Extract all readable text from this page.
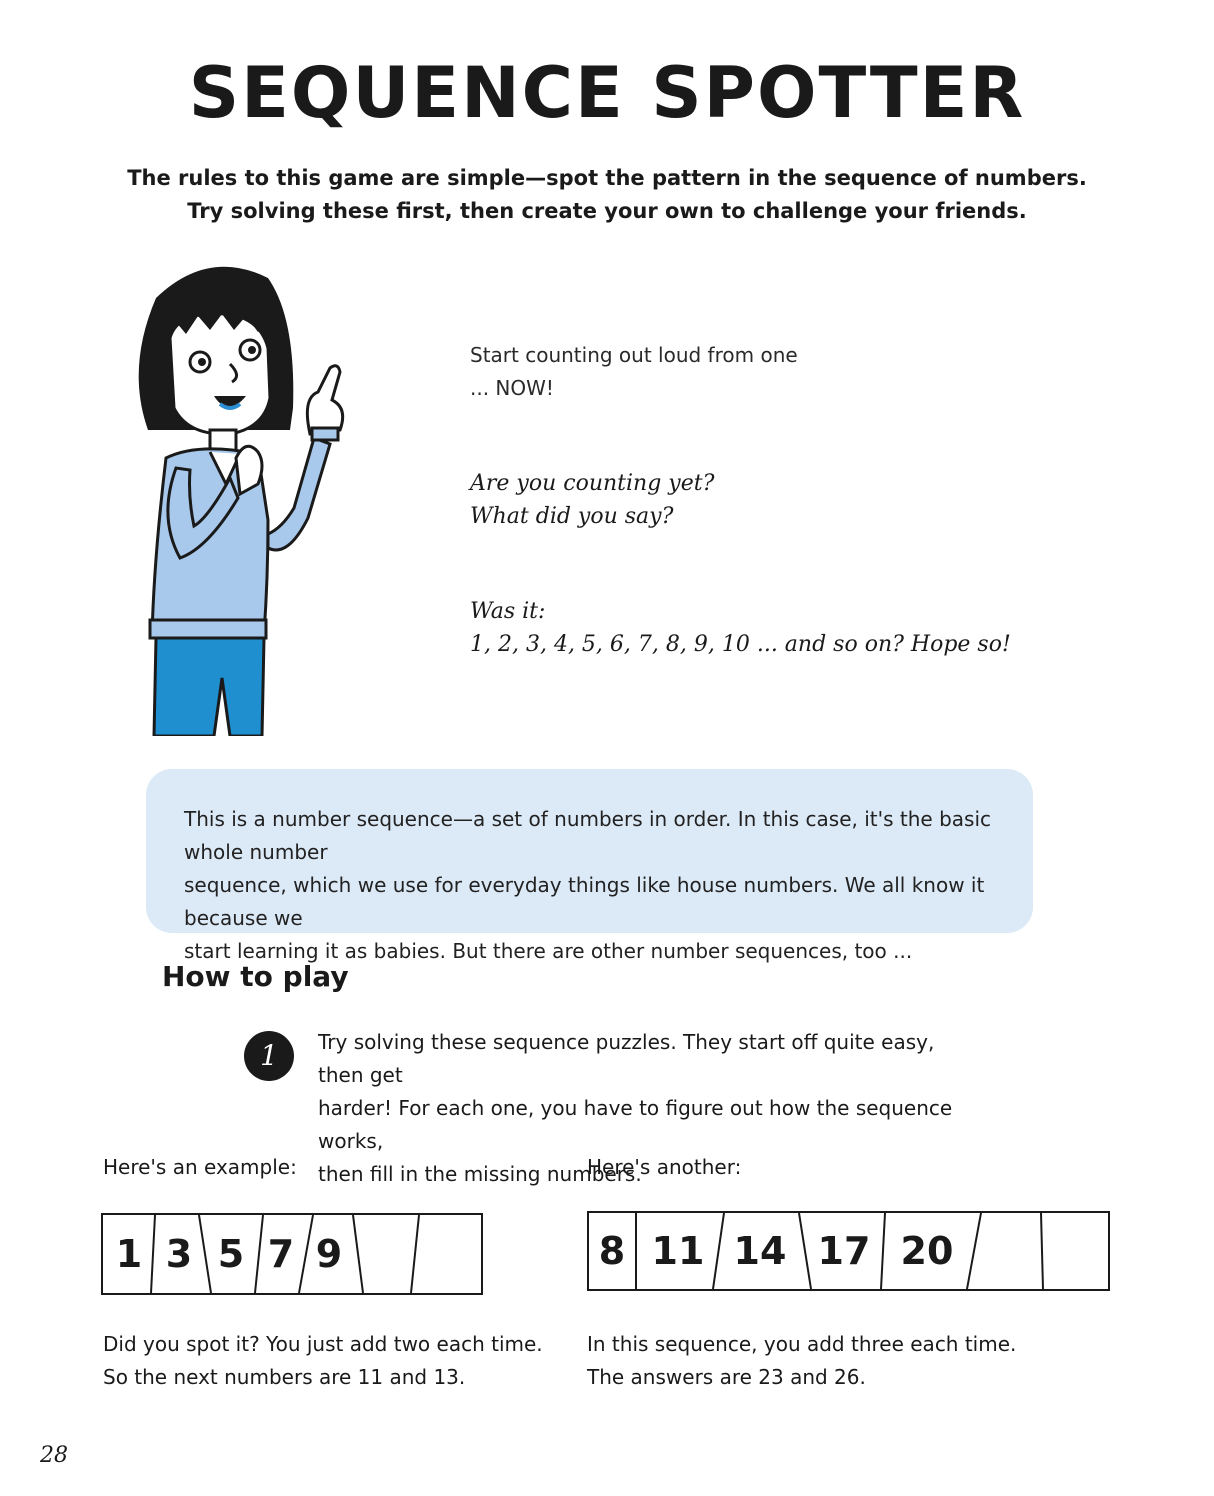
SEQUENCE SPOTTER
The rules to this game are simple—spot the pattern in the sequence of numbers.
Try solving these first, then create your own to challenge your friends.
Start counting out loud from one
... NOW!
Are you counting yet?
What did you say?
Was it:
1, 2, 3, 4, 5, 6, 7, 8, 9, 10 ... and so on? Hope so!
This is a number sequence—a set of numbers in order. In this case, it's the basic whole number
sequence, which we use for everyday things like house numbers. We all know it because we
start learning it as babies. But there are other number sequences, too ...
How to play
1	Try solving these sequence puzzles. They start off quite easy, then get
harder! For each one, you have to figure out how the sequence works,
then fill in the missing numbers.
Here's an example:	Here's another:
1 3 5 7 9	8 11 14 17 20
Did you spot it? You just add two each time.
So the next numbers are 11 and 13.
In this sequence, you add three each time.
The answers are 23 and 26.
28
